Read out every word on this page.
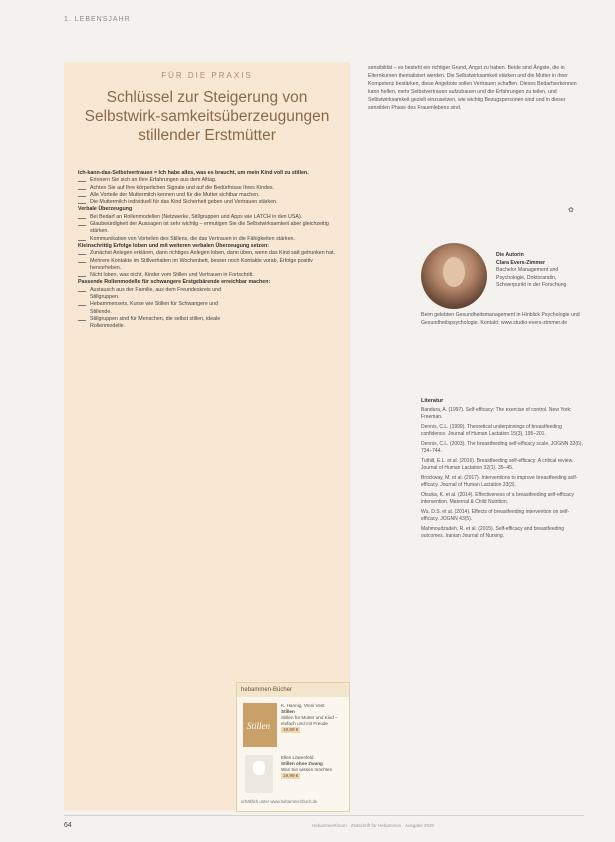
1. LEBENSJAHR
FÜR DIE PRAXIS
Schlüssel zur Steigerung von Selbstwirk-samkeitsüberzeugungen stillender Erstmütter
Ich-kann-das-Selbstvertrauen = Ich habe alles, was es braucht, um mein Kind voll zu stillen.
Erinnern Sie sich an Ihre Erfahrungen aus dem Alltag.
Achten Sie auf Ihre körperlichen Signale und auf die Bedürfnisse Ihres Kindes.
Alle Vorteile der Muttermilch kennen und für die Mutter sichtbar machen.
Die Muttermilch individuell für das Kind Sicherheit geben und Vertrauen stärken.
Verbale Überzeugung
Bei Bedarf an Rollenmodellen (Netzwerke, Stillgruppen und Apps wie LATCH in den USA).
Glaubwürdigkeit der Aussagen ist sehr wichtig – ermutigen Sie die Selbstwirksamkeit aber gleichzeitig stärken.
Kommunikation von Vorteilen des Stillens, die das Vertrauen in die Fähigkeiten stärken.
Kleinschrittig Erfolge loben und mit weiteren verbalen Überzeugung setzen:
Zunächst Anlegen erklären, dann richtiges Anlegen loben, dann üben, wenn das Kind satt getrunken hat.
Mehrere Kontakte im Stillverhalten im Wochenbett, besser noch Kontakte vorab, Erfolge positiv hervorheben.
Nicht loben, was nicht, Kinder vom Stillen und Vertrauen in Fortschritt.
Passende Rollenmodelle für schwangere Erstgebärende erreichbar machen:
Austausch aus der Familie, aus dem Freundeskreis und Stillgruppen.
Hebammensets, Kurse wie Stillen für Schwangere und Stillende.
Stillgruppen sind für Menschen, die selbst stillen, ideale Rollenmodelle.
hebammen-Bücher
Stillen
K. Hannig, Vreni Vest
Stillen
Stillen für Mutter und Kind – einfach und mit Freude
19,99 €
Ellen Löwenfeld
Stillen ohne Zwang
Was Sie wissen möchten
19,99 €
erhältlich unter www.hebammenbuch.de
sensibilität – es besteht ein richtiger Grund, Angst zu haben. Beide sind Ängste, die in Elternkursen thematisiert werden. Die Selbstwirksamkeit stärken und die Mutter in ihrer Kompetenz bestärken, diese Angebote sollen Vertrauen schaffen. Dieses Bedarfserkennen kann helfen, mehr Selbstvertrauen aufzubauen und die Erfahrungen zu teilen, und Selbstwirksamkeit gezielt einzusetzen, wie wichtig Bezugspersonen sind und in dieser sensiblen Phase des Frauenlebens sind.
✿
Die Autorin
Clara Evers-Zimmer
Bachelor Management und Psychologie, Doktorandin, Schwerpunkt in der Forschung
Beim gelebten Gesundheitsmanagement in Hinblick Psychologie und Gesundheitspsychologie. Kontakt: www.studio-evers-zimmer.de
Literatur

Bandura, A. (1997). Self-efficacy: The exercise of control. New York: Freeman.

Dennis, C.L. (1999). Theoretical underpinnings of breastfeeding confidence. Journal of Human Lactation 15(3), 195–201.

Dennis, C.L. (2003). The breastfeeding self-efficacy scale. JOGNN 32(6), 734–744.

Tuthill, E.L. et al. (2016). Breastfeeding self-efficacy: A critical review. Journal of Human Lactation 32(1), 35–45.

Brockway, M. et al. (2017). Interventions to improve breastfeeding self-efficacy. Journal of Human Lactation 33(3).

Otsuka, K. et al. (2014). Effectiveness of a breastfeeding self-efficacy intervention. Maternal & Child Nutrition.

Wu, D.S. et al. (2014). Effects of breastfeeding intervention on self-efficacy. JOGNN 43(5).

Mahmoudzadeh, R. et al. (2015). Self-efficacy and breastfeeding outcomes. Iranian Journal of Nursing.

64	Hebammenforum · Zeitschrift für Hebammen · Ausgabe 2020
